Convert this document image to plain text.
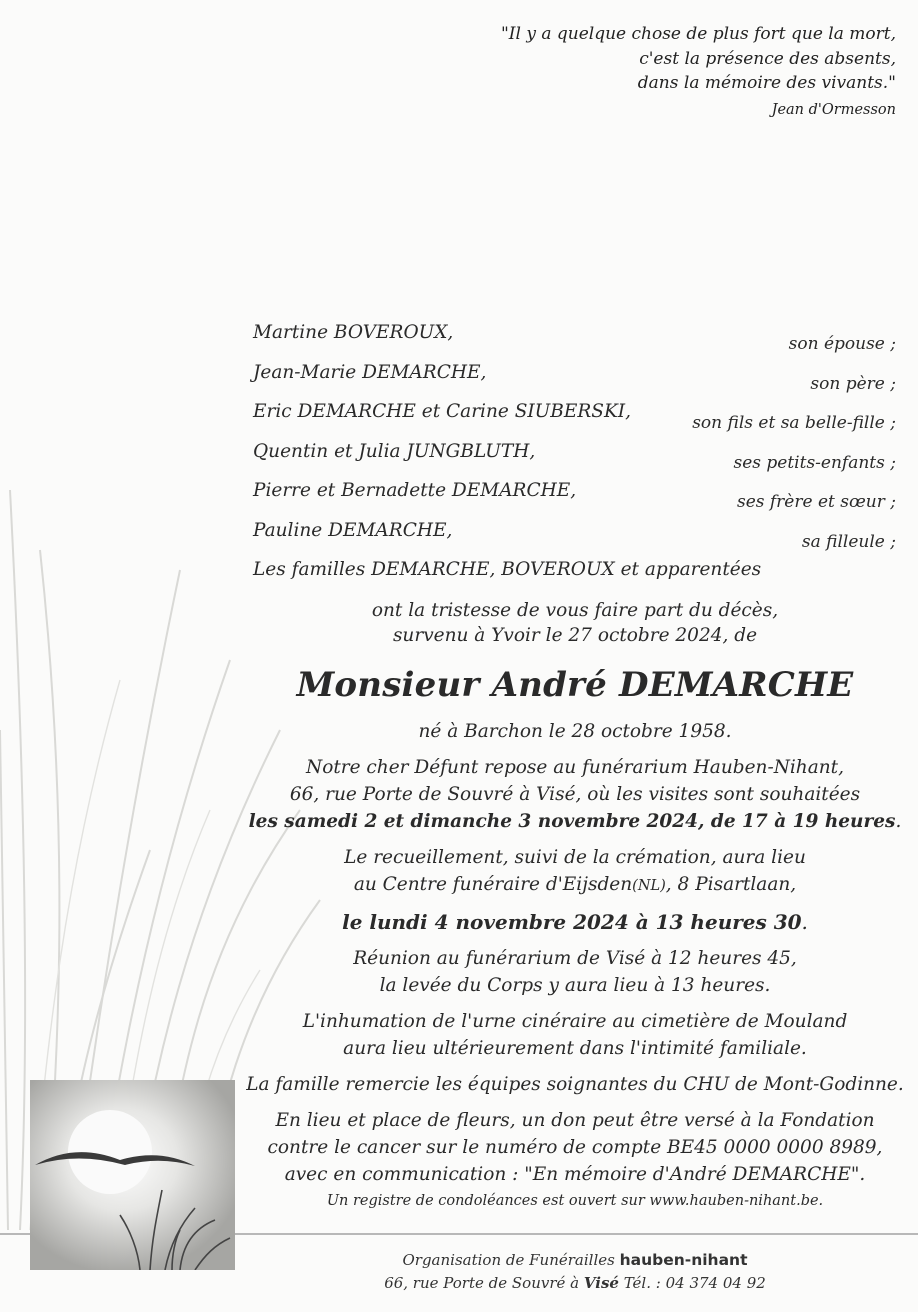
"Il y a quelque chose de plus fort que la mort,
c'est la présence des absents,
dans la mémoire des vivants."
Jean d'Ormesson
Martine BOVEROUX,
son épouse ;
Jean-Marie DEMARCHE,
son père ;
Eric DEMARCHE et Carine SIUBERSKI,
son fils et sa belle-fille ;
Quentin et Julia JUNGBLUTH,
ses petits-enfants ;
Pierre et Bernadette DEMARCHE,
ses frère et sœur ;
Pauline DEMARCHE,
sa filleule ;
Les familles DEMARCHE, BOVEROUX et apparentées
ont la tristesse de vous faire part du décès,
survenu à Yvoir le 27 octobre 2024, de
Monsieur André DEMARCHE
né à Barchon le 28 octobre 1958.
Notre cher Défunt repose au funérarium Hauben-Nihant,
66, rue Porte de Souvré à Visé, où les visites sont souhaitées
les samedi 2 et dimanche 3 novembre 2024, de 17 à 19 heures.
Le recueillement, suivi de la crémation, aura lieu
au Centre funéraire d'Eijsden(NL), 8 Pisartlaan,
le lundi 4 novembre 2024 à 13 heures 30.
Réunion au funérarium de Visé à 12 heures 45,
la levée du Corps y aura lieu à 13 heures.
L'inhumation de l'urne cinéraire au cimetière de Mouland
aura lieu ultérieurement dans l'intimité familiale.
La famille remercie les équipes soignantes du CHU de Mont-Godinne.
En lieu et place de fleurs, un don peut être versé à la Fondation
contre le cancer sur le numéro de compte BE45 0000 0000 8989,
avec en communication : "En mémoire d'André DEMARCHE".
Un registre de condoléances est ouvert sur www.hauben-nihant.be.
Organisation de Funérailles hauben-nihant
66, rue Porte de Souvré à Visé Tél. : 04 374 04 92
